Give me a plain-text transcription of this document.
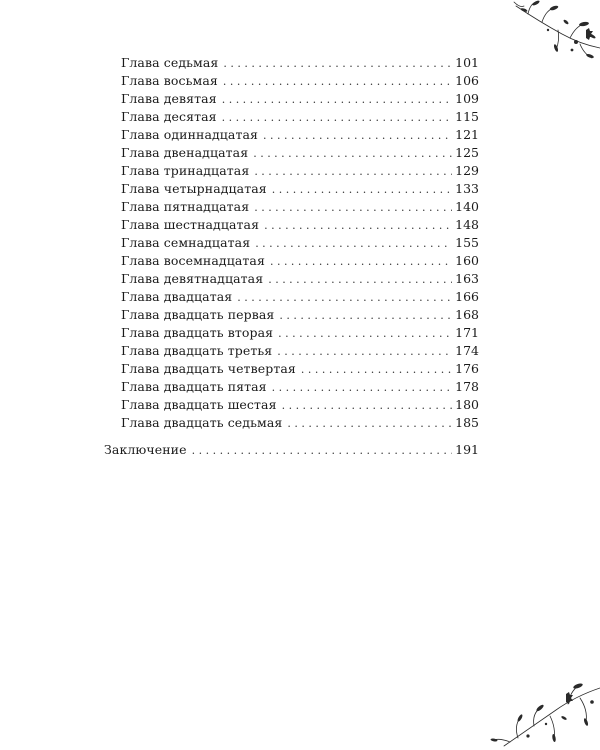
Глава седьмая . . .	101
Глава восьмая . . .	106
Глава девятая . . .	109
Глава десятая . . .	115
Глава одиннадцатая . . .	121
Глава двенадцатая . . .	125
Глава тринадцатая . . .	129
Глава четырнадцатая . . .	133
Глава пятнадцатая . . .	140
Глава шестнадцатая . . .	148
Глава семнадцатая . . .	155
Глава восемнадцатая . . .	160
Глава девятнадцатая . . .	163
Глава двадцатая . . .	166
Глава двадцать первая . . .	168
Глава двадцать вторая . . .	171
Глава двадцать третья . . .	174
Глава двадцать четвертая . . .	176
Глава двадцать пятая . . .	178
Глава двадцать шестая . . .	180
Глава двадцать седьмая . . .	185
Заключение . . .	191
